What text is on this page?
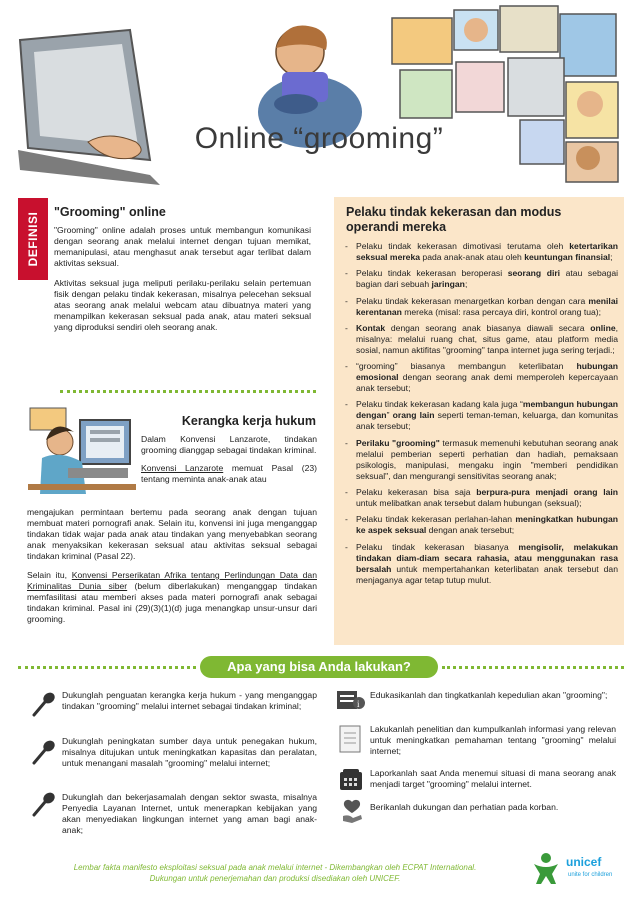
Online “grooming”
DEFINISI "Grooming" online

"Grooming" online adalah proses untuk membangun komunikasi dengan seorang anak melalui internet dengan tujuan memikat, memanipulasi, atau menghasut anak tersebut agar terlibat dalam aktivitas seksual.

Aktivitas seksual juga meliputi perilaku-perilaku selain pertemuan fisik dengan pelaku tindak kekerasan, misalnya pelecehan seksual atas seorang anak melalui webcam atau dibuatnya materi yang menampilkan kekerasan seksual pada anak, atau materi seksual yang diproduksi sendiri oleh seorang anak.

Kerangka kerja hukum

Dalam Konvensi Lanzarote, tindakan grooming dianggap sebagai tindakan kriminal.

Konvensi Lanzarote memuat Pasal (23) tentang meminta anak-anak atau

mengajukan permintaan bertemu pada seorang anak dengan tujuan membuat materi pornografi anak. Selain itu, konvensi ini juga menganggap tindakan tidak wajar pada anak atau tindakan yang menyebabkan seorang anak menyaksikan kekerasan seksual atau aktivitas seksual sebagai tindakan kriminal (Pasal 22).

Selain itu, Konvensi Perserikatan Afrika tentang Perlindungan Data dan Kriminalitas Dunia siber (belum diberlakukan) menganggap tindakan memfasilitasi atau memberi akses pada materi pornografi anak sebagai tindakan kriminal. Pasal ini (29)(3)(1)(d) juga menangkap unsur-unsur dari grooming.

Pelaku tindak kekerasan dan modus operandi mereka
- Pelaku tindak kekerasan dimotivasi terutama oleh ketertarikan seksual mereka pada anak-anak atau oleh keuntungan finansial;
- Pelaku tindak kekerasan beroperasi seorang diri atau sebagai bagian dari sebuah jaringan;
- Pelaku tindak kekerasan menargetkan korban dengan cara menilai kerentanan mereka (misal: rasa percaya diri, kontrol orang tua);
- Kontak dengan seorang anak biasanya diawali secara online, misalnya: melalui ruang chat, situs game, atau platform media sosial, namun aktifitas "grooming" tanpa internet juga sering terjadi.;
- “grooming” biasanya membangun keterlibatan hubungan emosional dengan seorang anak demi memperoleh kepercayaan anak tersebut;
- Pelaku tindak kekerasan kadang kala juga “membangun hubungan dengan” orang lain seperti teman-teman, keluarga, dan komunitas anak tersebut;
- Perilaku "grooming" termasuk memenuhi kebutuhan seorang anak melalui pemberian seperti perhatian dan hadiah, pemaksaan psikologis, manipulasi, mengaku ingin "memberi pendidikan seksual", dan mengurangi sensitivitas seorang anak;
- Pelaku kekerasan bisa saja berpura-pura menjadi orang lain untuk melibatkan anak tersebut dalam hubungan (seksual);
- Pelaku tindak kekerasan perlahan-lahan meningkatkan hubungan ke aspek seksual dengan anak tersebut;
- Pelaku tindak kekerasan biasanya mengisolir, melakukan tindakan diam-diam secara rahasia, atau menggunakan rasa bersalah untuk mempertahankan keterlibatan anak tersebut dan menjaganya agar tetap tutup mulut.
Apa yang bisa Anda lakukan?
Dukunglah penguatan kerangka kerja hukum - yang menganggap tindakan "grooming" melalui internet sebagai tindakan kriminal;
Dukunglah peningkatan sumber daya untuk penegakan hukum, misalnya ditujukan untuk meningkatkan kapasitas dan peralatan, untuk menangani masalah "grooming" melalui internet;
Dukunglah dan bekerjasamalah dengan sektor swasta, misalnya Penyedia Layanan Internet, untuk menerapkan kebijakan yang akan menyediakan lingkungan internet yang aman bagi anak-anak;
i
Edukasikanlah dan tingkatkanlah kepedulian akan "grooming";
Lakukanlah penelitian dan kumpulkanlah informasi yang relevan untuk meningkatkan pemahaman tentang "grooming" melalui internet;
Laporkanlah saat Anda menemui situasi di mana seorang anak menjadi target "grooming" melalui internet.
Berikanlah dukungan dan perhatian pada korban.
Lembar fakta manifesto eksploitasi seksual pada anak melalui internet - Dikembangkan oleh ECPAT International.
Dukungan untuk penerjemahan dan produksi disediakan oleh UNICEF.
unicef
unite for children
